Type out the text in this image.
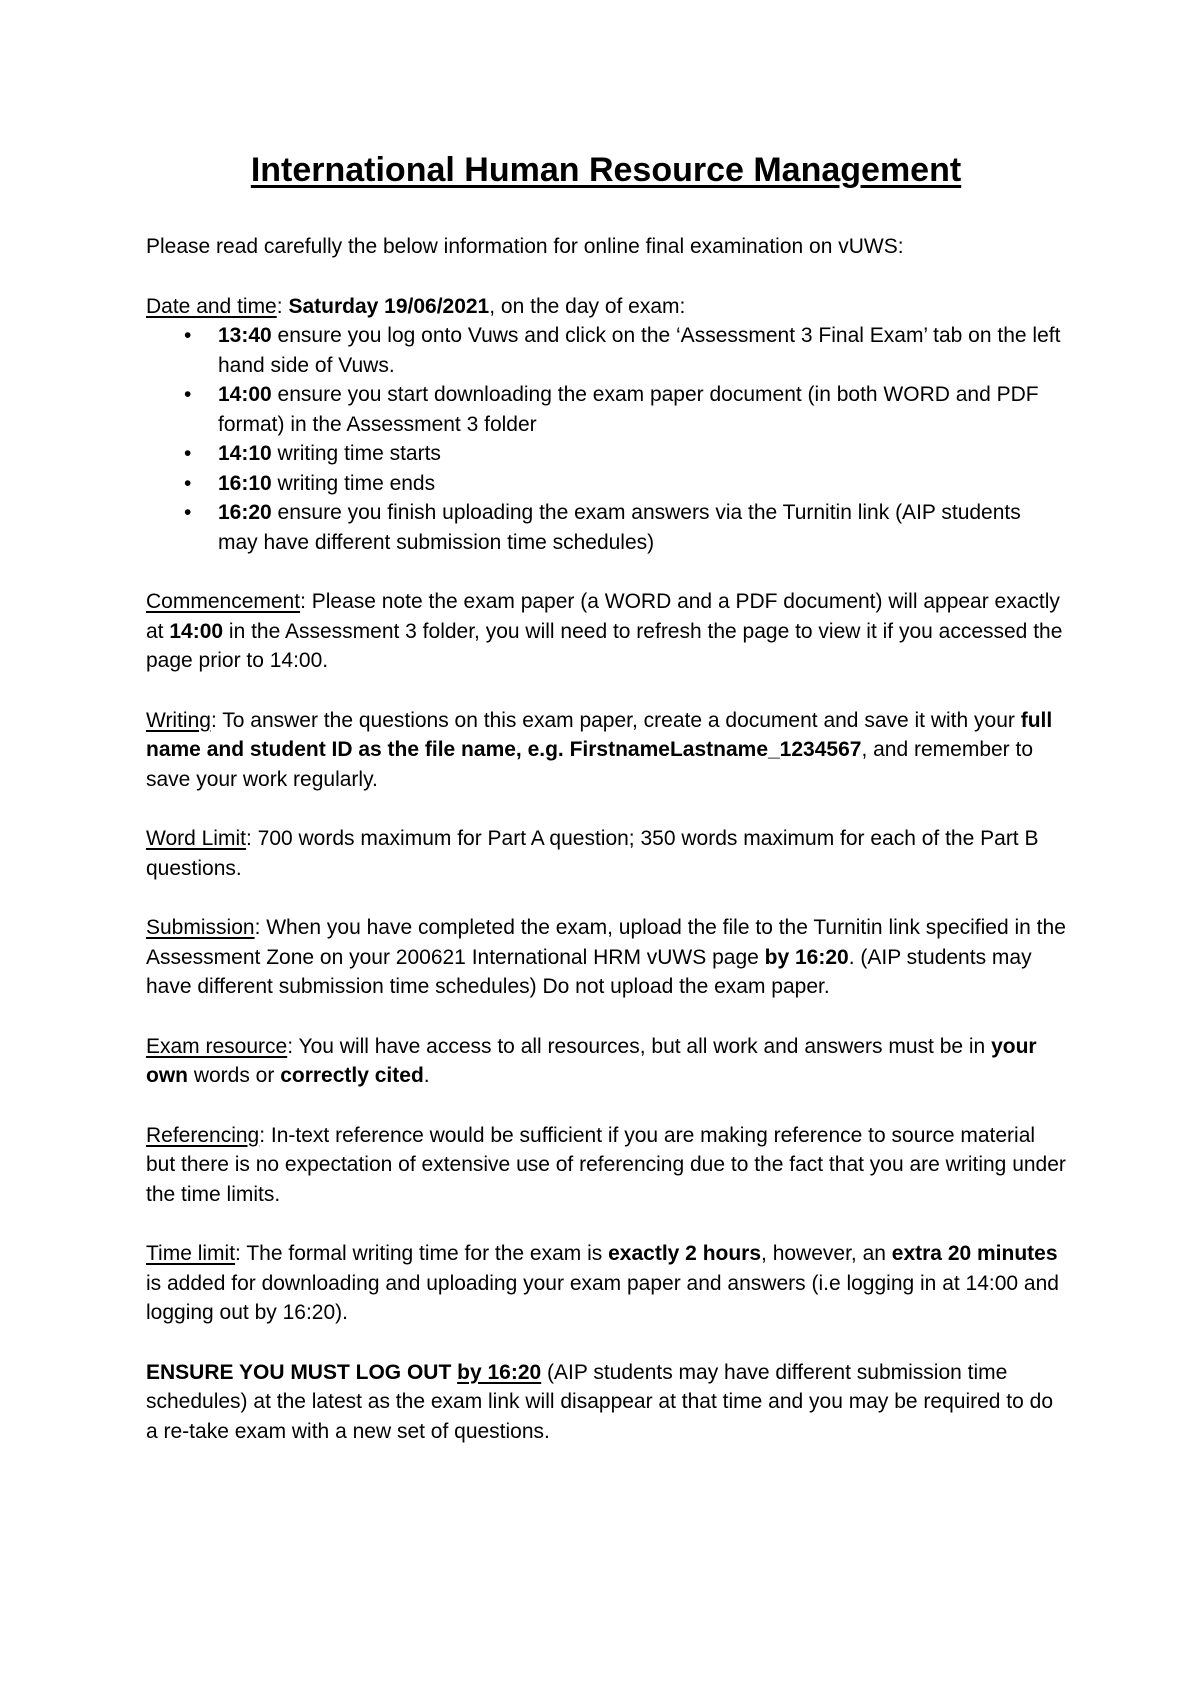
International Human Resource Management

Please read carefully the below information for online final examination on vUWS:

Date and time: Saturday 19/06/2021, on the day of exam:

• 13:40 ensure you log onto Vuws and click on the ‘Assessment 3 Final Exam’ tab on the left hand side of Vuws.
• 14:00 ensure you start downloading the exam paper document (in both WORD and PDF format) in the Assessment 3 folder
• 14:10 writing time starts
• 16:10 writing time ends
• 16:20 ensure you finish uploading the exam answers via the Turnitin link (AIP students may have different submission time schedules)

Commencement: Please note the exam paper (a WORD and a PDF document) will appear exactly at 14:00 in the Assessment 3 folder, you will need to refresh the page to view it if you accessed the page prior to 14:00.

Writing: To answer the questions on this exam paper, create a document and save it with your full name and student ID as the file name, e.g. FirstnameLastname_1234567, and remember to save your work regularly.

Word Limit: 700 words maximum for Part A question; 350 words maximum for each of the Part B questions.

Submission: When you have completed the exam, upload the file to the Turnitin link specified in the Assessment Zone on your 200621 International HRM vUWS page by 16:20. (AIP students may have different submission time schedules) Do not upload the exam paper.

Exam resource: You will have access to all resources, but all work and answers must be in your own words or correctly cited.

Referencing: In-text reference would be sufficient if you are making reference to source material but there is no expectation of extensive use of referencing due to the fact that you are writing under the time limits.

Time limit: The formal writing time for the exam is exactly 2 hours, however, an extra 20 minutes is added for downloading and uploading your exam paper and answers (i.e logging in at 14:00 and logging out by 16:20).

ENSURE YOU MUST LOG OUT by 16:20 (AIP students may have different submission time schedules) at the latest as the exam link will disappear at that time and you may be required to do a re-take exam with a new set of questions.
